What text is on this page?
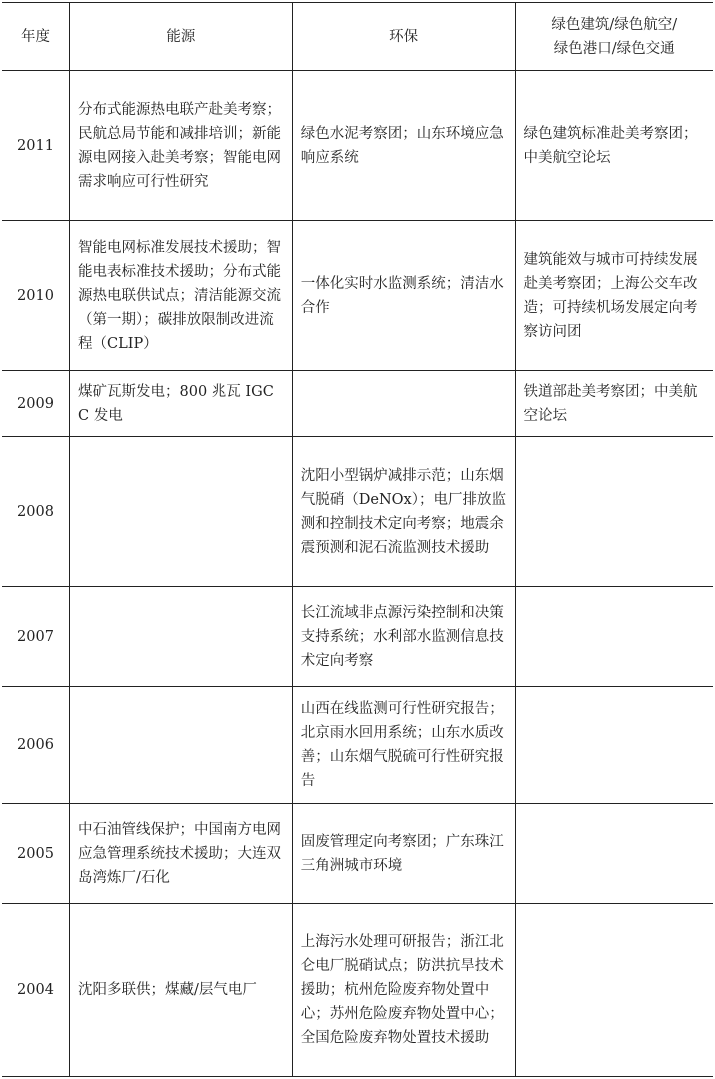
年度	能源	环保	绿色建筑/绿色航空/
绿色港口/绿色交通
2011	分布式能源热电联产赴美考察；民航总局节能和减排培训；新能源电网接入赴美考察；智能电网需求响应可行性研究	绿色水泥考察团；山东环境应急响应系统	绿色建筑标准赴美考察团；中美航空论坛
2010	智能电网标准发展技术援助；智能电表标准技术援助；分布式能源热电联供试点；清洁能源交流（第一期）；碳排放限制改进流程（CLIP）	一体化实时水监测系统；清洁水合作	建筑能效与城市可持续发展赴美考察团；上海公交车改造；可持续机场发展定向考察访问团
2009	煤矿瓦斯发电；800 兆瓦 IGCC 发电		铁道部赴美考察团；中美航空论坛
2008		沈阳小型锅炉减排示范；山东烟气脱硝（DeNOx）；电厂排放监测和控制技术定向考察；地震余震预测和泥石流监测技术援助	
2007		长江流域非点源污染控制和决策支持系统；水利部水监测信息技术定向考察	
2006		山西在线监测可行性研究报告；北京雨水回用系统；山东水质改善；山东烟气脱硫可行性研究报告	
2005	中石油管线保护；中国南方电网应急管理系统技术援助；大连双岛湾炼厂/石化	固废管理定向考察团；广东珠江三角洲城市环境	
2004	沈阳多联供；煤藏/层气电厂	上海污水处理可研报告；浙江北仑电厂脱硝试点；防洪抗旱技术援助；杭州危险废弃物处置中心；苏州危险废弃物处置中心；全国危险废弃物处置技术援助	
